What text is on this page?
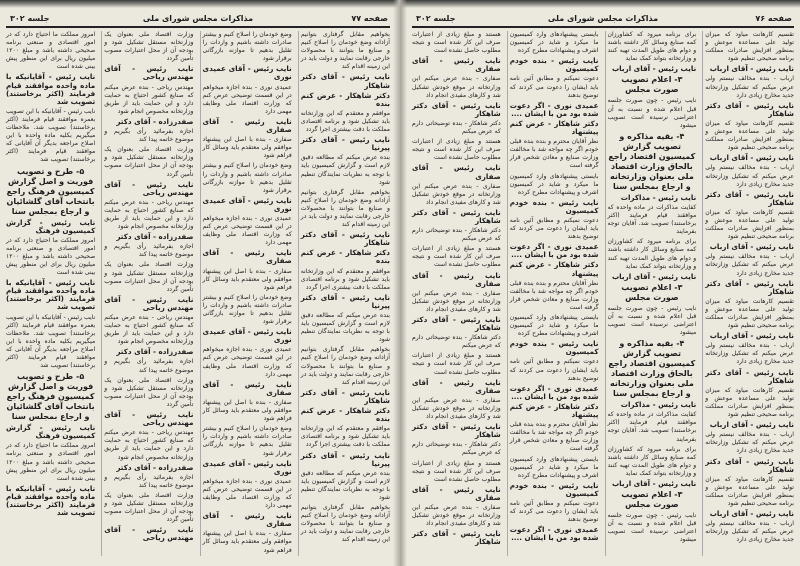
صفحه ۷۷
مذاکرات مجلس شورای ملی
جلسه ۳۰۲

بخواهیم مقابل گرفتاری بتوانیم آزادانه وضع خودمان را اصلاح کنیم و صنایع ما بتوانند با محصولات خارجی رقابت نمایند و دولت باید در این زمینه اقدام کند

نایب رئیس - آقای دکتر شاهکار

دکتر شاهکار - عرض کنم بنده

موافقم و معتقدم که این وزارتخانه باید تشکیل شود و برنامه اقتصادی مملکت با دقت بیشتری اجرا گردد

نایب رئیس - آقای دکتر پیرنیا

بنده عرض میکنم که مطالعه دقیق لازم است و گزارش کمیسیون باید با توجه به نظریات نمایندگان تنظیم شود

بخواهیم مقابل گرفتاری بتوانیم آزادانه وضع خودمان را اصلاح کنیم و صنایع ما بتوانند با محصولات خارجی رقابت نمایند و دولت باید در این زمینه اقدام کند

نایب رئیس - آقای دکتر شاهکار

دکتر شاهکار - عرض کنم بنده

موافقم و معتقدم که این وزارتخانه باید تشکیل شود و برنامه اقتصادی مملکت با دقت بیشتری اجرا گردد

نایب رئیس - آقای دکتر پیرنیا

بنده عرض میکنم که مطالعه دقیق لازم است و گزارش کمیسیون باید با توجه به نظریات نمایندگان تنظیم شود

بخواهیم مقابل گرفتاری بتوانیم آزادانه وضع خودمان را اصلاح کنیم و صنایع ما بتوانند با محصولات خارجی رقابت نمایند و دولت باید در این زمینه اقدام کند

نایب رئیس - آقای دکتر شاهکار

دکتر شاهکار - عرض کنم بنده

موافقم و معتقدم که این وزارتخانه باید تشکیل شود و برنامه اقتصادی مملکت با دقت بیشتری اجرا گردد

نایب رئیس - آقای دکتر پیرنیا

بنده عرض میکنم که مطالعه دقیق لازم است و گزارش کمیسیون باید با توجه به نظریات نمایندگان تنظیم شود

بخواهیم مقابل گرفتاری بتوانیم آزادانه وضع خودمان را اصلاح کنیم و صنایع ما بتوانند با محصولات خارجی رقابت نمایند و دولت باید در این زمینه اقدام کند

وضع خودمان را اصلاح کنیم و بیشتر صادرات داشته باشیم و واردات را تقلیل بدهیم تا موازنه بازرگانی برقرار شود

نایب رئیس - آقای عمیدی نوری

عمیدی نوری - بنده اجازه میخواهم در این قسمت توضیحی عرض کنم که وزارت اقتصاد ملی وظایف مهمی دارد

نایب رئیس - آقای صفاری

صفاری - بنده با اصل این پیشنهاد موافقم ولی معتقدم باید وسائل کار فراهم شود

وضع خودمان را اصلاح کنیم و بیشتر صادرات داشته باشیم و واردات را تقلیل بدهیم تا موازنه بازرگانی برقرار شود

نایب رئیس - آقای عمیدی نوری

عمیدی نوری - بنده اجازه میخواهم در این قسمت توضیحی عرض کنم که وزارت اقتصاد ملی وظایف مهمی دارد

نایب رئیس - آقای صفاری

صفاری - بنده با اصل این پیشنهاد موافقم ولی معتقدم باید وسائل کار فراهم شود

وضع خودمان را اصلاح کنیم و بیشتر صادرات داشته باشیم و واردات را تقلیل بدهیم تا موازنه بازرگانی برقرار شود

نایب رئیس - آقای عمیدی نوری

عمیدی نوری - بنده اجازه میخواهم در این قسمت توضیحی عرض کنم که وزارت اقتصاد ملی وظایف مهمی دارد

نایب رئیس - آقای صفاری

صفاری - بنده با اصل این پیشنهاد موافقم ولی معتقدم باید وسائل کار فراهم شود

وضع خودمان را اصلاح کنیم و بیشتر صادرات داشته باشیم و واردات را تقلیل بدهیم تا موازنه بازرگانی برقرار شود

نایب رئیس - آقای عمیدی نوری

عمیدی نوری - بنده اجازه میخواهم در این قسمت توضیحی عرض کنم که وزارت اقتصاد ملی وظایف مهمی دارد

نایب رئیس - آقای صفاری

صفاری - بنده با اصل این پیشنهاد موافقم ولی معتقدم باید وسائل کار فراهم شود

وزارت اقتصاد ملی بعنوان یک وزارتخانه مستقل تشکیل شود و بودجه آن از محل اعتبارات مصوب تأمین گردد

نایب رئیس - آقای مهندس ریاحی

مهندس ریاحی - بنده عرض میکنم که صنایع کشور احتیاج به حمایت دارد و این حمایت باید از طریق وزارتخانه مخصوص انجام شود

صفدرزاده - آقای دکتر

اجازه بفرمائید رأی بگیریم و موضوع خاتمه پیدا کند

وزارت اقتصاد ملی بعنوان یک وزارتخانه مستقل تشکیل شود و بودجه آن از محل اعتبارات مصوب تأمین گردد

نایب رئیس - آقای مهندس ریاحی

مهندس ریاحی - بنده عرض میکنم که صنایع کشور احتیاج به حمایت دارد و این حمایت باید از طریق وزارتخانه مخصوص انجام شود

صفدرزاده - آقای دکتر

اجازه بفرمائید رأی بگیریم و موضوع خاتمه پیدا کند

وزارت اقتصاد ملی بعنوان یک وزارتخانه مستقل تشکیل شود و بودجه آن از محل اعتبارات مصوب تأمین گردد

نایب رئیس - آقای مهندس ریاحی

مهندس ریاحی - بنده عرض میکنم که صنایع کشور احتیاج به حمایت دارد و این حمایت باید از طریق وزارتخانه مخصوص انجام شود

صفدرزاده - آقای دکتر

اجازه بفرمائید رأی بگیریم و موضوع خاتمه پیدا کند

وزارت اقتصاد ملی بعنوان یک وزارتخانه مستقل تشکیل شود و بودجه آن از محل اعتبارات مصوب تأمین گردد

نایب رئیس - آقای مهندس ریاحی

مهندس ریاحی - بنده عرض میکنم که صنایع کشور احتیاج به حمایت دارد و این حمایت باید از طریق وزارتخانه مخصوص انجام شود

صفدرزاده - آقای دکتر

اجازه بفرمائید رأی بگیریم و موضوع خاتمه پیدا کند

وزارت اقتصاد ملی بعنوان یک وزارتخانه مستقل تشکیل شود و بودجه آن از محل اعتبارات مصوب تأمین گردد

نایب رئیس - آقای مهندس ریاحی

امروز مملکت ما احتیاج دارد که در امور اقتصادی و صنعتی برنامه صحیحی داشته باشد و مبلغ ۱۲۰۰ میلیون ریال برای این منظور پیش بینی شده است

نایب رئیس - آقایانیکه با ماده واحده موافقند قیام فرمایند (اکثر برخاستند) تصویب شد

نایب رئیس - آقایانیکه با این تصویب بعمره موافقند قیام فرمایند (اکثر برخاستند) تصویب شد. ملاحظات میگیریم بکلیه ماده واحده با این اصلاح مراجعه بدیگر آن آقایانی که موافقند قیام فرمایند (اکثر برخاستند) تصویب شد

۵- طرح و تصویب فوریت و اصل گزارش کمیسیون فرهنگ راجع بانتخاب آقای گلشائیان و ارجاع بمجلس سنا

نایب رئیس - گزارش کمیسیون فرهنگ

امروز مملکت ما احتیاج دارد که در امور اقتصادی و صنعتی برنامه صحیحی داشته باشد و مبلغ ۱۲۰۰ میلیون ریال برای این منظور پیش بینی شده است

نایب رئیس - آقایانیکه با ماده واحده موافقند قیام فرمایند (اکثر برخاستند) تصویب شد

نایب رئیس - آقایانیکه با این تصویب بعمره موافقند قیام فرمایند (اکثر برخاستند) تصویب شد. ملاحظات میگیریم بکلیه ماده واحده با این اصلاح مراجعه بدیگر آن آقایانی که موافقند قیام فرمایند (اکثر برخاستند) تصویب شد

۵- طرح و تصویب فوریت و اصل گزارش کمیسیون فرهنگ راجع بانتخاب آقای گلشائیان و ارجاع بمجلس سنا

نایب رئیس - گزارش کمیسیون فرهنگ

امروز مملکت ما احتیاج دارد که در امور اقتصادی و صنعتی برنامه صحیحی داشته باشد و مبلغ ۱۲۰۰ میلیون ریال برای این منظور پیش بینی شده است

نایب رئیس - آقایانیکه با ماده واحده موافقند قیام فرمایند (اکثر برخاستند) تصویب شد

صفحه ۷۶
مذاکرات مجلس شورای ملی
جلسه ۳۰۲

تقسیم کارهانت میاود که میزان تولید علی مساعده موعش و بمنظور افزایش صادرات مملکت برنامه صحیحی تنظیم شود

نایب رئیس - آقای ارباب

ارباب - بنده مخالف نیستم ولی عرض میکنم که تشکیل وزارتخانه جدید مخارج زیادی دارد

نایب رئیس - آقای دکتر شاهکار

تقسیم کارهانت میاود که میزان تولید علی مساعده موعش و بمنظور افزایش صادرات مملکت برنامه صحیحی تنظیم شود

نایب رئیس - آقای ارباب

ارباب - بنده مخالف نیستم ولی عرض میکنم که تشکیل وزارتخانه جدید مخارج زیادی دارد

نایب رئیس - آقای دکتر شاهکار

تقسیم کارهانت میاود که میزان تولید علی مساعده موعش و بمنظور افزایش صادرات مملکت برنامه صحیحی تنظیم شود

نایب رئیس - آقای ارباب

ارباب - بنده مخالف نیستم ولی عرض میکنم که تشکیل وزارتخانه جدید مخارج زیادی دارد

نایب رئیس - آقای دکتر شاهکار

تقسیم کارهانت میاود که میزان تولید علی مساعده موعش و بمنظور افزایش صادرات مملکت برنامه صحیحی تنظیم شود

نایب رئیس - آقای ارباب

ارباب - بنده مخالف نیستم ولی عرض میکنم که تشکیل وزارتخانه جدید مخارج زیادی دارد

نایب رئیس - آقای دکتر شاهکار

تقسیم کارهانت میاود که میزان تولید علی مساعده موعش و بمنظور افزایش صادرات مملکت برنامه صحیحی تنظیم شود

نایب رئیس - آقای ارباب

ارباب - بنده مخالف نیستم ولی عرض میکنم که تشکیل وزارتخانه جدید مخارج زیادی دارد

نایب رئیس - آقای دکتر شاهکار

تقسیم کارهانت میاود که میزان تولید علی مساعده موعش و بمنظور افزایش صادرات مملکت برنامه صحیحی تنظیم شود

نایب رئیس - آقای ارباب

ارباب - بنده مخالف نیستم ولی عرض میکنم که تشکیل وزارتخانه جدید مخارج زیادی دارد

برای برنامه میرود که کشاورزان کمه صنایع وسائل کار داشته باشند و دوام های طویل المدت تهیه کنند و وزارتخانه بتواند کمک نماید

نایب رئیس - آقای ارباب

۳- اعلام تصویب صورت مجلس

نایب رئیس - چون صورت جلسه قبل اعلام شده و نسبت به آن اعتراضی نرسیده است تصویب میشود

۴- بقیه مذاکره و تصویب گزارش کمیسیون اقتصاد راجع بالحاق وزارت اقتصاد ملی بعنوان وزارتخانه و ارجاع بمجلس سنا

نایب رئیس - مذاکرات

کفایت مذاکرات در ماده واحده که موافقند قیام فرمایند (اکثر برخاستند) تصویب شد. آقایان توجه بفرمایند

برای برنامه میرود که کشاورزان کمه صنایع وسائل کار داشته باشند و دوام های طویل المدت تهیه کنند و وزارتخانه بتواند کمک نماید

نایب رئیس - آقای ارباب

۳- اعلام تصویب صورت مجلس

نایب رئیس - چون صورت جلسه قبل اعلام شده و نسبت به آن اعتراضی نرسیده است تصویب میشود

۴- بقیه مذاکره و تصویب گزارش کمیسیون اقتصاد راجع بالحاق وزارت اقتصاد ملی بعنوان وزارتخانه و ارجاع بمجلس سنا

نایب رئیس - مذاکرات

کفایت مذاکرات در ماده واحده که موافقند قیام فرمایند (اکثر برخاستند) تصویب شد. آقایان توجه بفرمایند

برای برنامه میرود که کشاورزان کمه صنایع وسائل کار داشته باشند و دوام های طویل المدت تهیه کنند و وزارتخانه بتواند کمک نماید

نایب رئیس - آقای ارباب

۳- اعلام تصویب صورت مجلس

نایب رئیس - چون صورت جلسه قبل اعلام شده و نسبت به آن اعتراضی نرسیده است تصویب میشود

بایستی پیشنهادهای وارد کمیسیون ما میکرد و شاید در کمیسیون اشرف و پیشنهادات مطرح کرده

نایب رئیس - بنده خودم کمیسیون

دعوت نمیکنم و مطابق آئین نامه باید ایشان را دعوت می کردند که توضیح بدهند

عمیدی نوری - اگر دعوت شده بود من با ایشان ....

دکتر شاهکار - عرض کنم پیشنهاد

نظر آقایان محترم و بنده بنده قبلی خودم اگر چه مواجه شد با مخالفت وزارت صنایع و معادن شخص قرار گرفته است

بایستی پیشنهادهای وارد کمیسیون ما میکرد و شاید در کمیسیون اشرف و پیشنهادات مطرح کرده

نایب رئیس - بنده خودم کمیسیون

دعوت نمیکنم و مطابق آئین نامه باید ایشان را دعوت می کردند که توضیح بدهند

عمیدی نوری - اگر دعوت شده بود من با ایشان ....

دکتر شاهکار - عرض کنم پیشنهاد

نظر آقایان محترم و بنده بنده قبلی خودم اگر چه مواجه شد با مخالفت وزارت صنایع و معادن شخص قرار گرفته است

بایستی پیشنهادهای وارد کمیسیون ما میکرد و شاید در کمیسیون اشرف و پیشنهادات مطرح کرده

نایب رئیس - بنده خودم کمیسیون

دعوت نمیکنم و مطابق آئین نامه باید ایشان را دعوت می کردند که توضیح بدهند

عمیدی نوری - اگر دعوت شده بود من با ایشان ....

دکتر شاهکار - عرض کنم پیشنهاد

نظر آقایان محترم و بنده بنده قبلی خودم اگر چه مواجه شد با مخالفت وزارت صنایع و معادن شخص قرار گرفته است

بایستی پیشنهادهای وارد کمیسیون ما میکرد و شاید در کمیسیون اشرف و پیشنهادات مطرح کرده

نایب رئیس - بنده خودم کمیسیون

دعوت نمیکنم و مطابق آئین نامه باید ایشان را دعوت می کردند که توضیح بدهند

عمیدی نوری - اگر دعوت شده بود من با ایشان ....

هستند و مبلغ زیادی از اعتبارات صرف این کار شده است و نتیجه مطلوب حاصل نشده است

نایب رئیس - آقای صفاری

صفاری - بنده عرض میکنم این وزارتخانه در موقع خودش تشکیل شد و کارهای مفیدی انجام داد

نایب رئیس - آقای دکتر شاهکار

دکتر شاهکار - بنده توضیحاتی دارم که عرض میکنم

هستند و مبلغ زیادی از اعتبارات صرف این کار شده است و نتیجه مطلوب حاصل نشده است

نایب رئیس - آقای صفاری

صفاری - بنده عرض میکنم این وزارتخانه در موقع خودش تشکیل شد و کارهای مفیدی انجام داد

نایب رئیس - آقای دکتر شاهکار

دکتر شاهکار - بنده توضیحاتی دارم که عرض میکنم

هستند و مبلغ زیادی از اعتبارات صرف این کار شده است و نتیجه مطلوب حاصل نشده است

نایب رئیس - آقای صفاری

صفاری - بنده عرض میکنم این وزارتخانه در موقع خودش تشکیل شد و کارهای مفیدی انجام داد

نایب رئیس - آقای دکتر شاهکار

دکتر شاهکار - بنده توضیحاتی دارم که عرض میکنم

هستند و مبلغ زیادی از اعتبارات صرف این کار شده است و نتیجه مطلوب حاصل نشده است

نایب رئیس - آقای صفاری

صفاری - بنده عرض میکنم این وزارتخانه در موقع خودش تشکیل شد و کارهای مفیدی انجام داد

نایب رئیس - آقای دکتر شاهکار

دکتر شاهکار - بنده توضیحاتی دارم که عرض میکنم

هستند و مبلغ زیادی از اعتبارات صرف این کار شده است و نتیجه مطلوب حاصل نشده است

نایب رئیس - آقای صفاری

صفاری - بنده عرض میکنم این وزارتخانه در موقع خودش تشکیل شد و کارهای مفیدی انجام داد

نایب رئیس - آقای دکتر شاهکار
